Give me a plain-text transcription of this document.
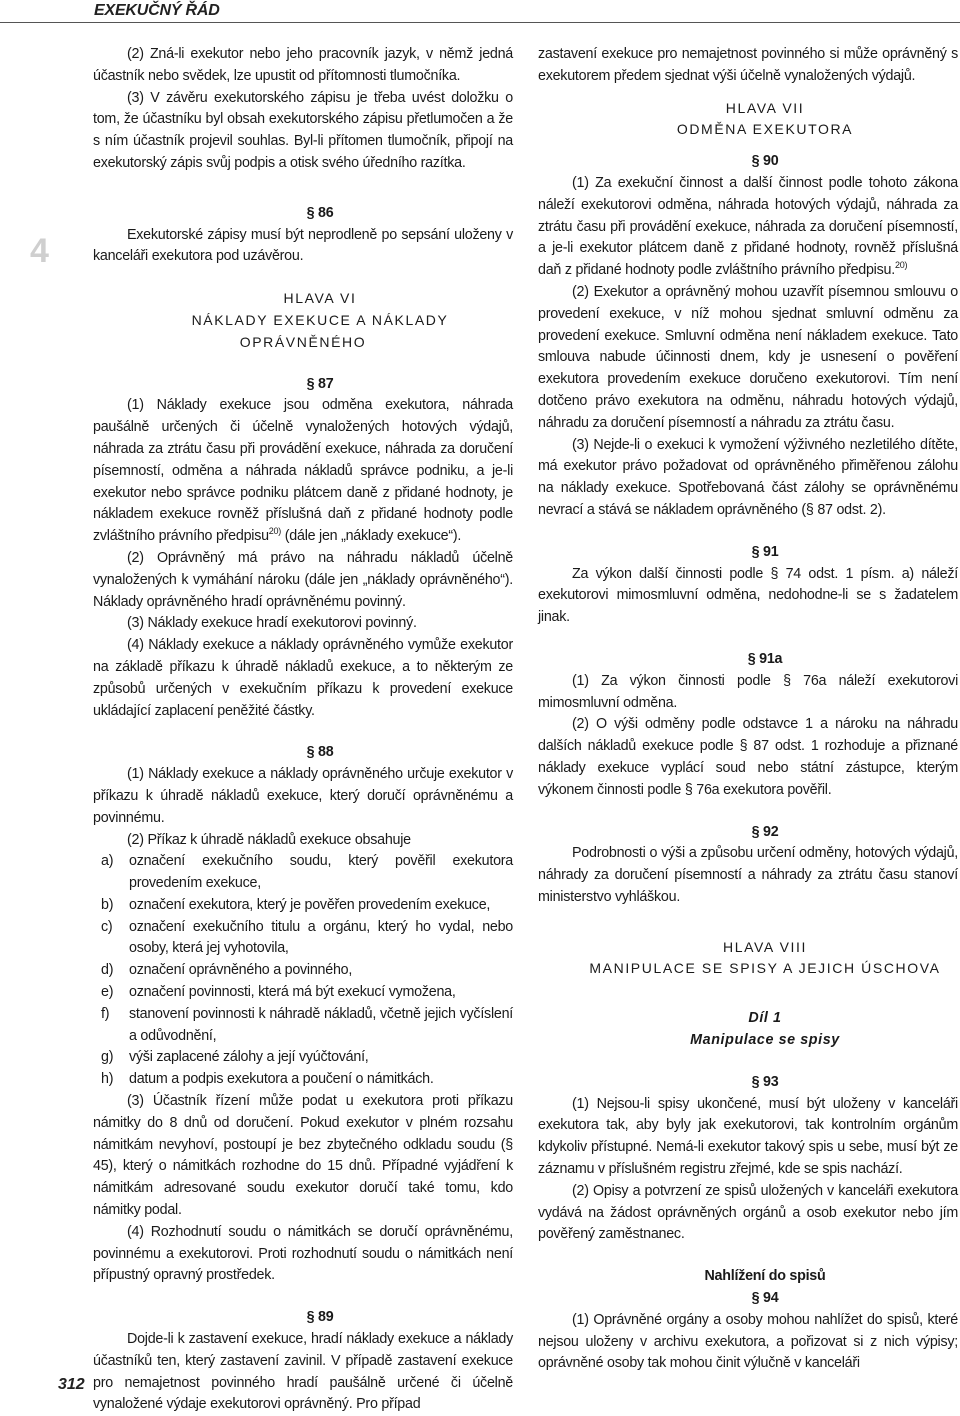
EXEKUČNÝ ŘÁD
4

(2) Zná-li exekutor nebo jeho pracovník jazyk, v němž jedná účastník nebo svědek, lze upustit od přítomnosti tlumočníka.

(3) V závěru exekutorského zápisu je třeba uvést doložku o tom, že účastníku byl obsah exekutorského zápisu přetlumočen a že s ním účastník projevil souhlas. Byl-li přítomen tlumočník, připojí na exekutorský zápis svůj podpis a otisk svého úředního razítka.

§ 86

Exekutorské zápisy musí být neprodleně po sepsání uloženy v kanceláři exekutora pod uzávěrou.

HLAVA VI

NÁKLADY EXEKUCE A NÁKLADY OPRÁVNĚNÉHO

§ 87

(1) Náklady exekuce jsou odměna exekutora, náhrada paušálně určených či účelně vynaložených hotových výdajů, náhrada za ztrátu času při provádění exekuce, náhrada za doručení písemností, odměna a náhrada nákladů správce podniku, a je-li exekutor nebo správce podniku plátcem daně z přidané hodnoty, je nákladem exekuce rovněž příslušná daň z přidané hodnoty podle zvláštního právního předpisu$^{20)}$ (dále jen „náklady exekuce“).

(2) Oprávněný má právo na náhradu nákladů účelně vynaložených k vymáhání nároku (dále jen „náklady oprávněného“). Náklady oprávněného hradí oprávněnému povinný.

(3) Náklady exekuce hradí exekutorovi povinný.

(4) Náklady exekuce a náklady oprávněného vymůže exekutor na základě příkazu k úhradě nákladů exekuce, a to některým ze způsobů určených v exekučním příkazu k provedení exekuce ukládající zaplacení peněžité částky.

§ 88

(1) Náklady exekuce a náklady oprávněného určuje exekutor v příkazu k úhradě nákladů exekuce, který doručí oprávněnému a povinnému.

(2) Příkaz k úhradě nákladů exekuce obsahuje

a)	označení exekučního soudu, který pověřil exekutora provedením exekuce,
b)	označení exekutora, který je pověřen provedením exekuce,
c)	označení exekučního titulu a orgánu, který ho vydal, nebo osoby, která jej vyhotovila,
d)	označení oprávněného a povinného,
e)	označení povinnosti, která má být exekucí vymožena,
f)	stanovení povinnosti k náhradě nákladů, včetně jejich vyčíslení a odůvodnění,
g)	výši zaplacené zálohy a její vyúčtování,
h)	datum a podpis exekutora a poučení o námitkách.

(3) Účastník řízení může podat u exekutora proti příkazu námitky do 8 dnů od doručení. Pokud exekutor v plném rozsahu námitkám nevyhoví, postoupí je bez zbytečného odkladu soudu (§ 45), který o námitkách rozhodne do 15 dnů. Případné vyjádření k námitkám adresované soudu exekutor doručí také tomu, kdo námitky podal.

(4) Rozhodnutí soudu o námitkách se doručí oprávněnému, povinnému a exekutorovi. Proti rozhodnutí soudu o námitkách není přípustný opravný prostředek.

§ 89

Dojde-li k zastavení exekuce, hradí náklady exekuce a náklady účastníků ten, který zastavení zavinil. V případě zastavení exekuce pro nemajetnost povinného hradí paušálně určené či účelně vynaložené výdaje exekutorovi oprávněný. Pro případ

zastavení exekuce pro nemajetnost povinného si může oprávněný s exekutorem předem sjednat výši účelně vynaložených výdajů.

HLAVA VII

ODMĚNA EXEKUTORA

§ 90

(1) Za exekuční činnost a další činnost podle tohoto zákona náleží exekutorovi odměna, náhrada hotových výdajů, náhrada za ztrátu času při provádění exekuce, náhrada za doručení písemností, a je-li exekutor plátcem daně z přidané hodnoty, rovněž příslušná daň z přidané hodnoty podle zvláštního právního předpisu.$^{20)}$

(2) Exekutor a oprávněný mohou uzavřít písemnou smlouvu o provedení exekuce, v níž mohou sjednat smluvní odměnu za provedení exekuce. Smluvní odměna není nákladem exekuce. Tato smlouva nabude účinnosti dnem, kdy je usnesení o pověření exekutora provedením exekuce doručeno exekutorovi. Tím není dotčeno právo exekutora na odměnu, náhradu hotových výdajů, náhradu za doručení písemností a náhradu za ztrátu času.

(3) Nejde-li o exekuci k vymožení výživného nezletilého dítěte, má exekutor právo požadovat od oprávněného přiměřenou zálohu na náklady exekuce. Spotřebovaná část zálohy se oprávněnému nevrací a stává se nákladem oprávněného (§ 87 odst. 2).

§ 91

Za výkon další činnosti podle § 74 odst. 1 písm. a) náleží exekutorovi mimosmluvní odměna, nedohodne-li se s žadatelem jinak.

§ 91a

(1) Za výkon činnosti podle § 76a náleží exekutorovi mimosmluvní odměna.

(2) O výši odměny podle odstavce 1 a nároku na náhradu dalších nákladů exekuce podle § 87 odst. 1 rozhoduje a přiznané náklady exekuce vyplácí soud nebo státní zástupce, kterým výkonem činnosti podle § 76a exekutora pověřil.

§ 92

Podrobnosti o výši a způsobu určení odměny, hotových výdajů, náhrady za doručení písemností a náhrady za ztrátu času stanoví ministerstvo vyhláškou.

HLAVA VIII

MANIPULACE SE SPISY A JEJICH ÚSCHOVA

Díl 1

Manipulace se spisy

§ 93

(1) Nejsou-li spisy ukončené, musí být uloženy v kanceláři exekutora tak, aby byly jak exekutorovi, tak kontrolním orgánům kdykoliv přístupné. Nemá-li exekutor takový spis u sebe, musí být ze záznamu v příslušném registru zřejmé, kde se spis nachází.

(2) Opisy a potvrzení ze spisů uložených v kanceláři exekutora vydává na žádost oprávněných orgánů a osob exekutor nebo jím pověřený zaměstnanec.

Nahlížení do spisů

§ 94

(1) Oprávněné orgány a osoby mohou nahlížet do spisů, které nejsou uloženy v archivu exekutora, a pořizovat si z nich výpisy; oprávněné osoby tak mohou činit výlučně v kanceláři

312
